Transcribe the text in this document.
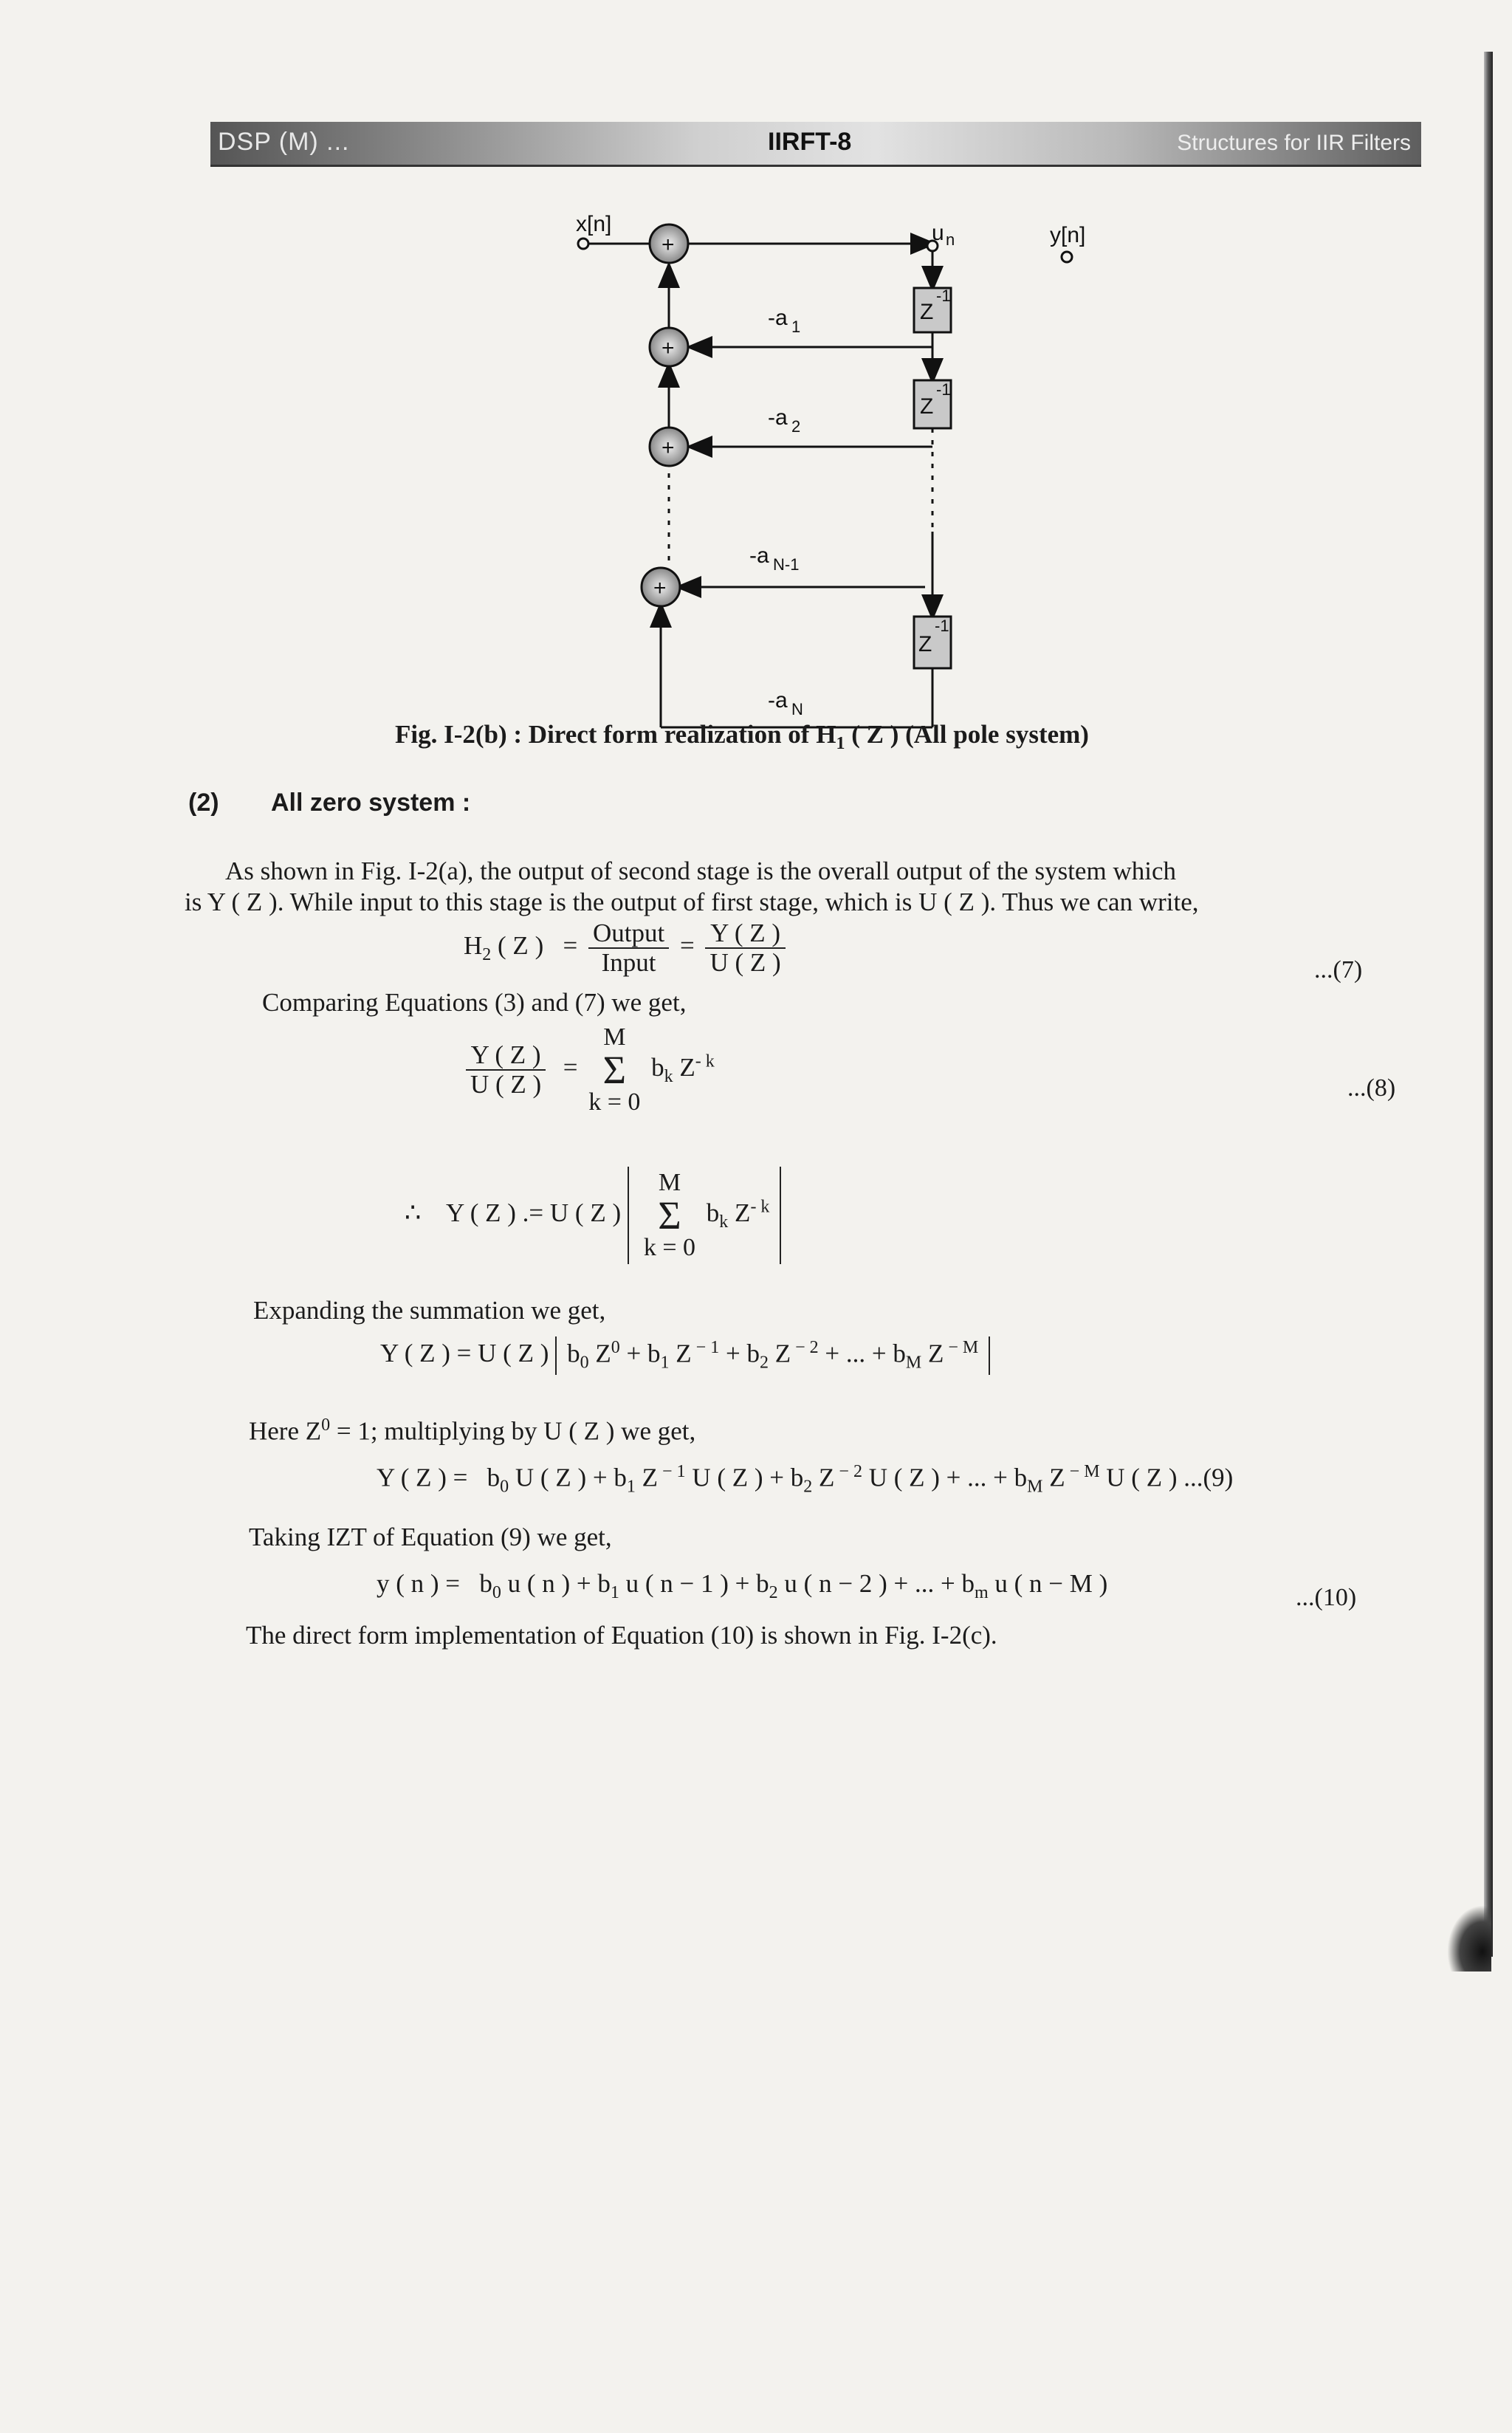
DSP (M) ...	IIRFT-8	Structures for IIR Filters
+
+
+
+
Z
-1
Z
-1
Z
-1
x[n]	u n	y[n]
-a 1
-a 2
-a N-1
-a N
Fig. I-2(b) : Direct form realization of $H_1$ ( Z ) (All pole system)
(2) All zero system :
As shown in Fig. I-2(a), the output of second stage is the overall output of the system which
is Y ( Z ). While input to this stage is the output of first stage, which is U ( Z ). Thus we can write,
$H_2$ ( Z ) = $\frac{\text{Output}}{\text{Input}} = \frac{Y ( Z )}{U ( Z )}$	...(7)
Comparing Equations (3) and (7) we get,
$\frac{Y ( Z )}{U ( Z )}$ =
M
Σ
k = 0
$b_k$ $Z^{- k}$
...(8)
∴ Y ( Z ) .= U ( Z )
M
Σ
k = 0
$b_k$ $Z^{- k}$
Expanding the summation we get,
Y ( Z ) = U ( Z ) $b_0$ $Z^0 + b_1$ Z $^{- 1} + b_2$ Z $^{- 2}$ + ... + $b_M$ Z $^{- M}$
Here $Z^0 = 1$; multiplying by U ( Z ) we get,
Y ( Z ) =   $b_0$ U ( Z ) + $b_1$ Z $^{- 1}$ U ( Z ) + $b_2$ Z $^{- 2}$ U ( Z ) + ... + $b_M$ Z $^{- M}$ U ( Z ) ...(9)
Taking IZT of Equation (9) we get,
y ( n ) =   $b_0$ u ( n ) + $b_1$ u ( n − 1 ) + $b_2$ u ( n − 2 ) + ... + $b_m$ u ( n − M )	...(10)
The direct form implementation of Equation (10) is shown in Fig. I-2(c).
